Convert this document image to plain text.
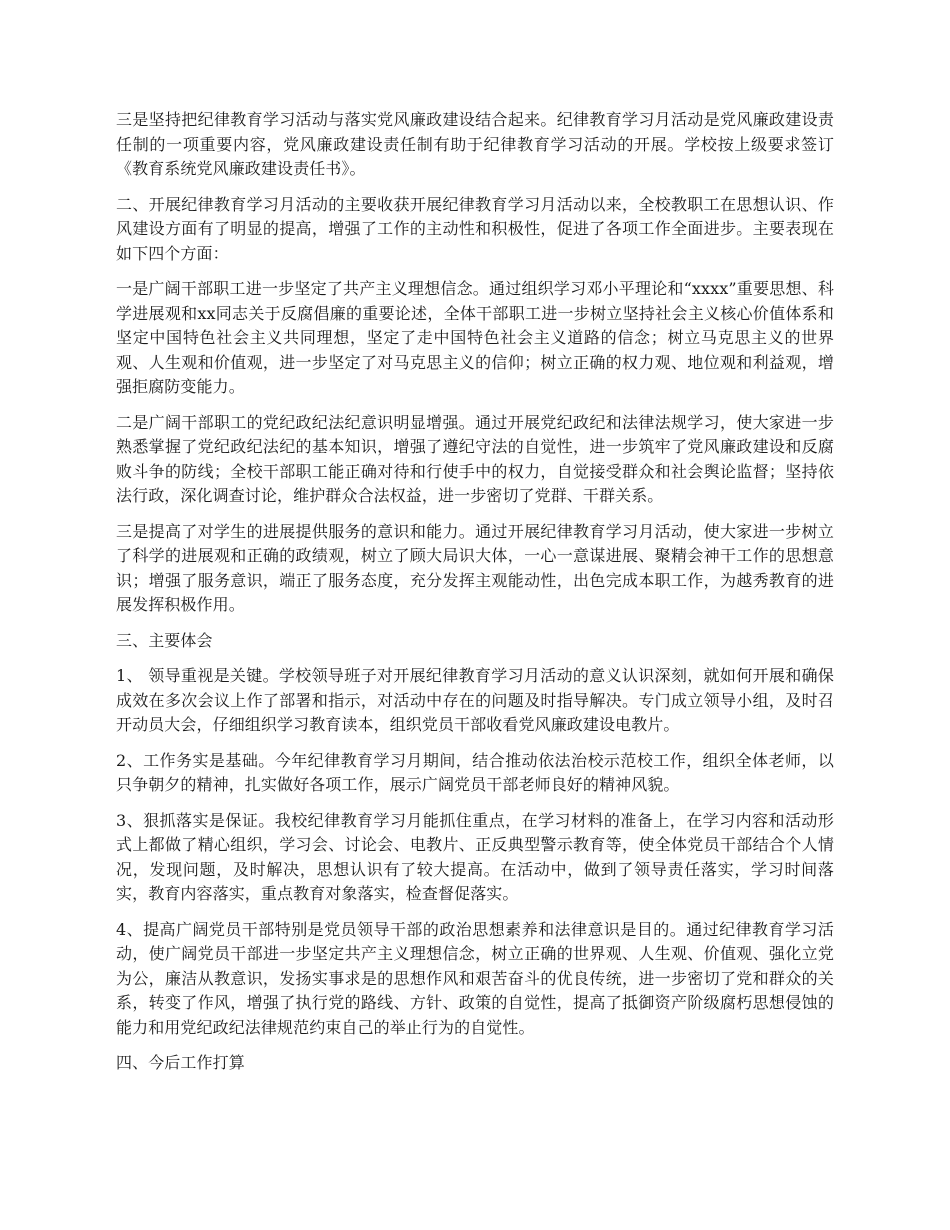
三是坚持把纪律教育学习活动与落实党风廉政建设结合起来。纪律教育学习月活动是党风廉政建设责任制的一项重要内容，党风廉政建设责任制有助于纪律教育学习活动的开展。学校按上级要求签订《教育系统党风廉政建设责任书》。

二、开展纪律教育学习月活动的主要收获开展纪律教育学习月活动以来，全校教职工在思想认识、作风建设方面有了明显的提高，增强了工作的主动性和积极性，促进了各项工作全面进步。主要表现在如下四个方面：

一是广阔干部职工进一步坚定了共产主义理想信念。通过组织学习邓小平理论和“xxxx”重要思想、科学进展观和xx同志关于反腐倡廉的重要论述，全体干部职工进一步树立坚持社会主义核心价值体系和坚定中国特色社会主义共同理想，坚定了走中国特色社会主义道路的信念；树立马克思主义的世界观、人生观和价值观，进一步坚定了对马克思主义的信仰；树立正确的权力观、地位观和利益观，增强拒腐防变能力。

二是广阔干部职工的党纪政纪法纪意识明显增强。通过开展党纪政纪和法律法规学习，使大家进一步熟悉掌握了党纪政纪法纪的基本知识，增强了遵纪守法的自觉性，进一步筑牢了党风廉政建设和反腐败斗争的防线；全校干部职工能正确对待和行使手中的权力，自觉接受群众和社会舆论监督；坚持依法行政，深化调查讨论，维护群众合法权益，进一步密切了党群、干群关系。

三是提高了对学生的进展提供服务的意识和能力。通过开展纪律教育学习月活动，使大家进一步树立了科学的进展观和正确的政绩观，树立了顾大局识大体，一心一意谋进展、聚精会神干工作的思想意识；增强了服务意识，端正了服务态度，充分发挥主观能动性，出色完成本职工作，为越秀教育的进展发挥积极作用。

三、主要体会

1、 领导重视是关键。学校领导班子对开展纪律教育学习月活动的意义认识深刻，就如何开展和确保成效在多次会议上作了部署和指示，对活动中存在的问题及时指导解决。专门成立领导小组，及时召开动员大会，仔细组织学习教育读本，组织党员干部收看党风廉政建设电教片。

2、工作务实是基础。今年纪律教育学习月期间，结合推动依法治校示范校工作，组织全体老师，以只争朝夕的精神，扎实做好各项工作，展示广阔党员干部老师良好的精神风貌。

3、狠抓落实是保证。我校纪律教育学习月能抓住重点，在学习材料的准备上，在学习内容和活动形式上都做了精心组织，学习会、讨论会、电教片、正反典型警示教育等，使全体党员干部结合个人情况，发现问题，及时解决，思想认识有了较大提高。在活动中，做到了领导责任落实，学习时间落实，教育内容落实，重点教育对象落实，检查督促落实。

4、提高广阔党员干部特别是党员领导干部的政治思想素养和法律意识是目的。通过纪律教育学习活动，使广阔党员干部进一步坚定共产主义理想信念，树立正确的世界观、人生观、价值观、强化立党为公，廉洁从教意识，发扬实事求是的思想作风和艰苦奋斗的优良传统，进一步密切了党和群众的关系，转变了作风，增强了执行党的路线、方针、政策的自觉性，提高了抵御资产阶级腐朽思想侵蚀的能力和用党纪政纪法律规范约束自己的举止行为的自觉性。

四、今后工作打算
